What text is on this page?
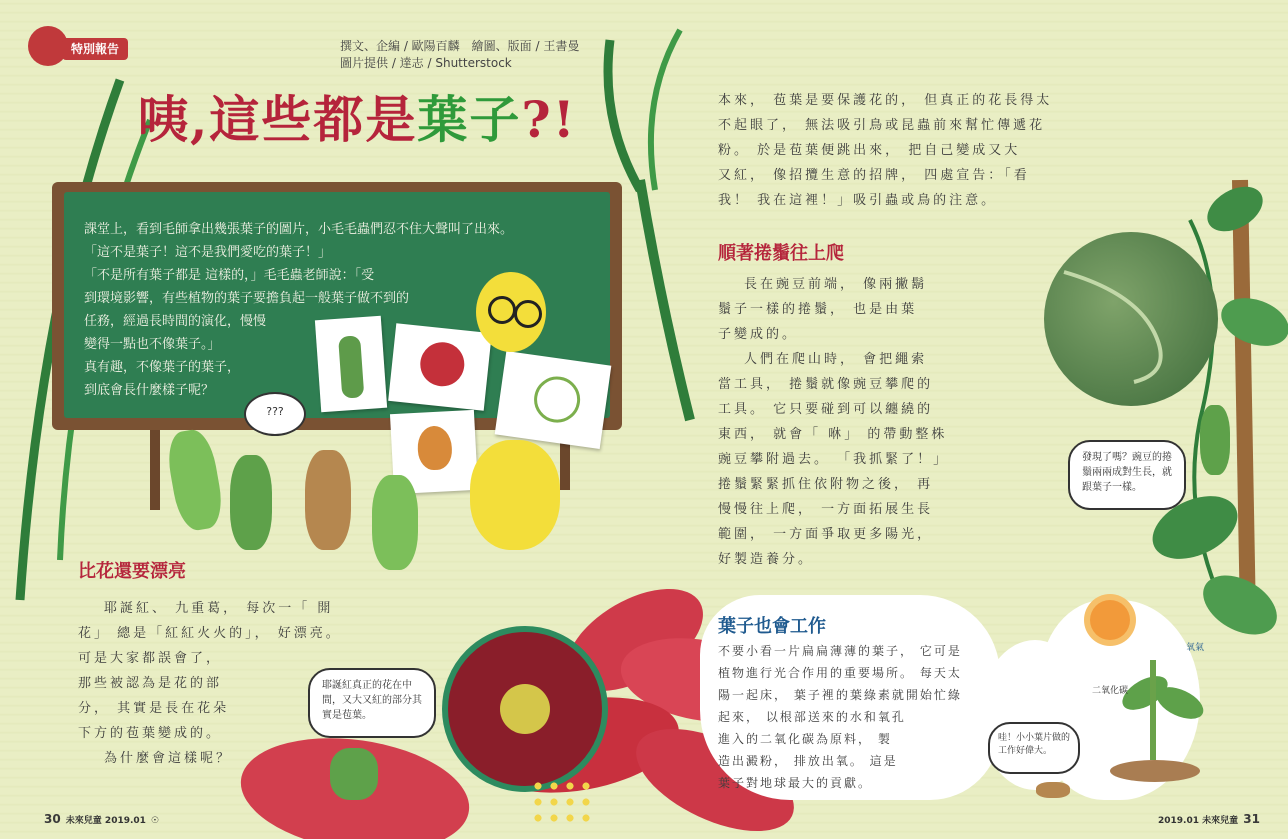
特別報告	撰文、企編 / 歐陽百麟　繪圖、版面 / 王書曼
圖片提供 / 達志 / Shutterstock
咦,這些都是葉子?!

課堂上，看到毛師拿出幾張葉子的圖片，小毛毛蟲們忍不住大聲叫了出來。

「這不是葉子！這不是我們愛吃的葉子！」

「不是所有葉子都是 這樣的，」毛毛蟲老師說：「受

到環境影響，有些植物的葉子要擔負起一般葉子做不到的

任務，經過長時間的演化，慢慢

變得一點也不像葉子。」

真有趣，不像葉子的葉子，

到底會長什麼樣子呢？

???
比花還要漂亮

耶誕紅、 九重葛， 每次一「 開

花」 總是「紅紅火火的」， 好漂亮。

可是大家都誤會了，

那些被認為是花的部

分， 其實是長在花朵

下方的苞葉變成的。

為什麼會這樣呢？

耶誕紅真正的花在中間，又大又紅的部分其實是苞葉。

本來， 苞葉是要保護花的， 但真正的花長得太

不起眼了， 無法吸引鳥或昆蟲前來幫忙傳遞花

粉。 於是苞葉便跳出來， 把自己變成又大

又紅， 像招攬生意的招牌， 四處宣告：「看

我！ 我在這裡！」吸引蟲或鳥的注意。

順著捲鬚往上爬

長在豌豆前端， 像兩撇鬍

鬚子一樣的捲鬚， 也是由葉

子變成的。

人們在爬山時， 會把繩索

當工具， 捲鬚就像豌豆攀爬的

工具。 它只要碰到可以纏繞的

東西， 就會「 咻」 的帶動整株

豌豆攀附過去。 「我抓緊了！」

捲鬚緊緊抓住依附物之後， 再

慢慢往上爬， 一方面拓展生長

範圍， 一方面爭取更多陽光，

好製造養分。

發現了嗎？豌豆的捲鬚兩兩成對生長，就跟葉子一樣。
葉子也會工作

不要小看一片扁扁薄薄的葉子， 它可是

植物進行光合作用的重要場所。 每天太

陽一起床， 葉子裡的葉綠素就開始忙綠

起來， 以根部送來的水和氧孔

進入的二氧化碳為原料， 製

造出澱粉， 排放出氧。 這是

葉子對地球最大的貢獻。

氧氣
二氧化碳
哇！小小葉片做的工作好偉大。
30 未來兒童 2019.01 ☉	2019.01 未來兒童 31
